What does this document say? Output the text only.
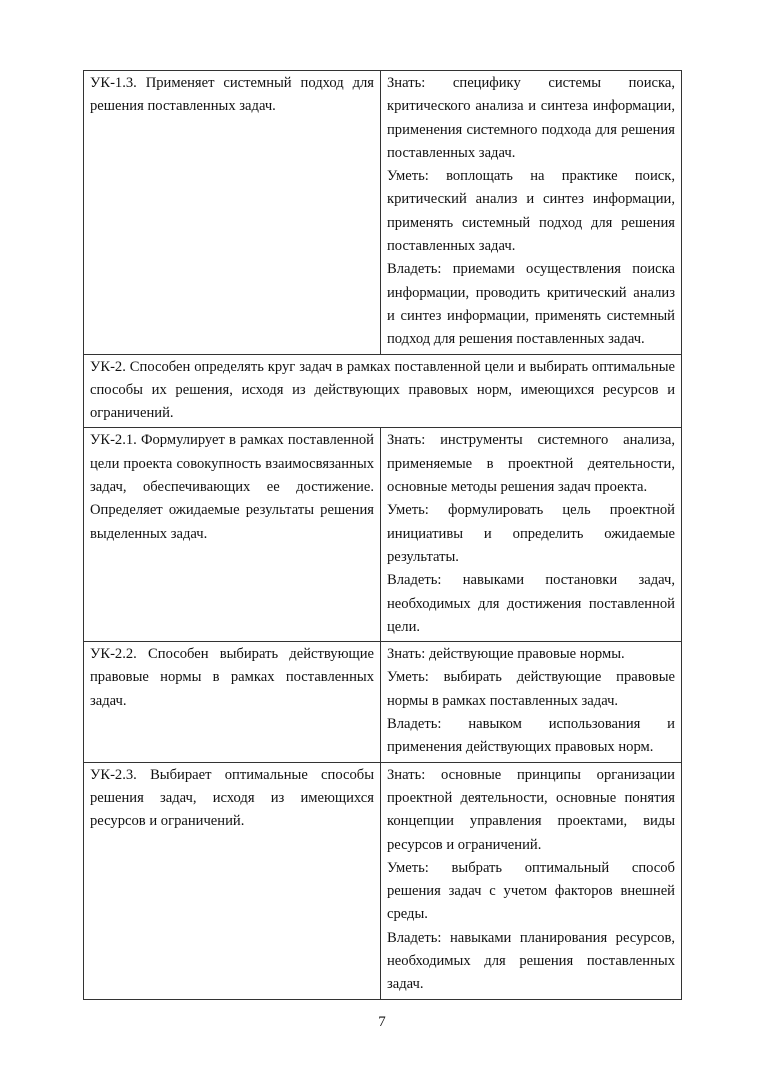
УК-1.3. Применяет системный подход для решения поставленных задач.	Знать: специфику системы поиска, критического анализа и синтеза информации, применения системного подхода для решения поставленных задач.
Уметь: воплощать на практике поиск, критический анализ и синтез информации, применять системный подход для решения поставленных задач.
Владеть: приемами осуществления поиска информации, проводить критический анализ и синтез информации, применять системный подход для решения поставленных задач.

УК-2. Способен определять круг задач в рамках поставленной цели и выбирать оптимальные способы их решения, исходя из действующих правовых норм, имеющихся ресурсов и ограничений.	

УК-2.1. Формулирует в рамках поставленной цели проекта совокупность взаимосвязанных задач, обеспечивающих ее достижение. Определяет ожидаемые результаты решения выделенных задач.	Знать: инструменты системного анализа, применяемые в проектной деятельности, основные методы решения задач проекта.
Уметь: формулировать цель проектной инициативы и определить ожидаемые результаты.
Владеть: навыками постановки задач, необходимых для достижения поставленной цели.

УК-2.2. Способен выбирать действующие правовые нормы в рамках поставленных задач.	Знать: действующие правовые нормы.
Уметь: выбирать действующие правовые нормы в рамках поставленных задач.
Владеть: навыком использования и применения действующих правовых норм.

УК-2.3. Выбирает оптимальные способы решения задач, исходя из имеющихся ресурсов и ограничений.	Знать: основные принципы организации проектной деятельности, основные понятия концепции управления проектами, виды ресурсов и ограничений.
Уметь: выбрать оптимальный способ решения задач с учетом факторов внешней среды.
Владеть: навыками планирования ресурсов, необходимых для решения поставленных задач.
7
